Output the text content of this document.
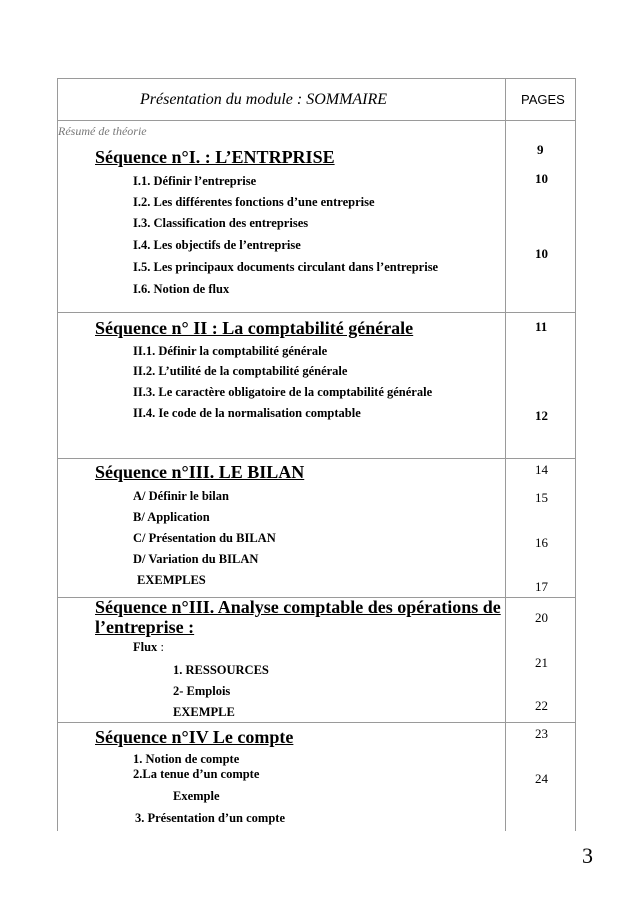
Présentation du module : SOMMAIRE	PAGES
Résumé de théorie
Séquence n°I. : L’ENTRPRISE
I.1. Définir l’entreprise
I.2. Les différentes fonctions d’une entreprise
I.3. Classification des entreprises
I.4. Les objectifs de l’entreprise
I.5. Les principaux documents circulant dans l’entreprise
I.6. Notion de flux
9
10
10
Séquence n° II : La comptabilité générale
II.1. Définir la comptabilité générale
II.2. L’utilité de la comptabilité générale
II.3. Le caractère obligatoire de la comptabilité générale
II.4. Ie code de la normalisation comptable
11
12
Séquence n°III. LE BILAN
A/ Définir le bilan
B/ Application
C/ Présentation du BILAN
D/ Variation du BILAN
EXEMPLES
14
15
16
17
Séquence n°III. Analyse comptable des opérations de l’entreprise :
Flux :
1. RESSOURCES
2- Emplois
EXEMPLE
20
21
22
Séquence n°IV Le compte
1. Notion de compte
2.La tenue d’un compte
Exemple
3. Présentation d’un compte
23
24
3
